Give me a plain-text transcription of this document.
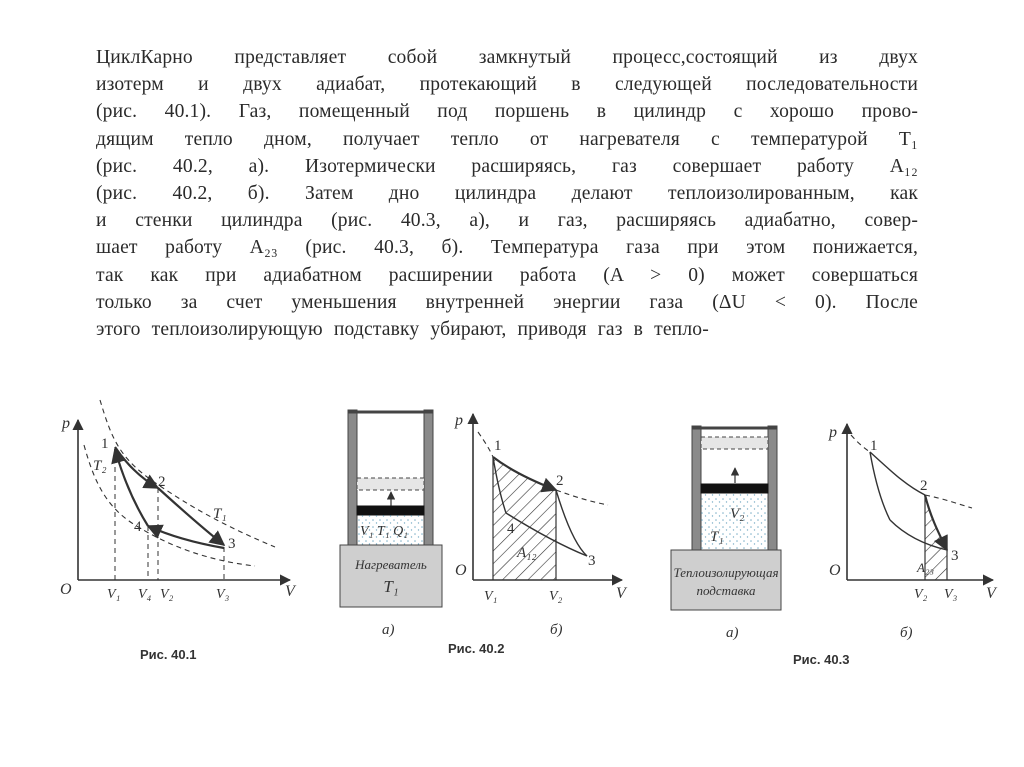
ЦиклКарно представляет собой замкнутый процесс,состоящий из двух
изотерм и двух адиабат, протекающий в следующей последовательности
(рис. 40.1). Газ, помещенный под поршень в цилиндр с хорошо прово-
дящим тепло дном, получает тепло от нагревателя с температурой T₁
(рис. 40.2, а). Изотермически расширяясь, газ совершает работу A₁₂
(рис. 40.2, б). Затем дно цилиндра делают теплоизолированным, как
и стенки цилиндра (рис. 40.3, а), и газ, расширяясь адиабатно, совер-
шает работу A₂₃ (рис. 40.3, б). Температура газа при этом понижается,
так как при адиабатном расширении работа (A > 0) может совершаться
только за счет уменьшения внутренней энергии газа (ΔU < 0). После
этого теплоизолирующую подставку убирают, приводя газ в тепло-
p
V
O
1
2
3
4
T₁
T₂
V₁ V₄ V₂	V₃
V₁ T₁ Q₁
Нагреватель
T₁
а)
p
V
O
1
2
3
4
A₁₂
V₁	V₂
б)
V₂
T₁
Теплоизолирующая
подставка
а)
p
V
O
1
2
3
A₂₃
V₂ V₃
б)
Рис. 40.1	Рис. 40.2
Рис. 40.3
